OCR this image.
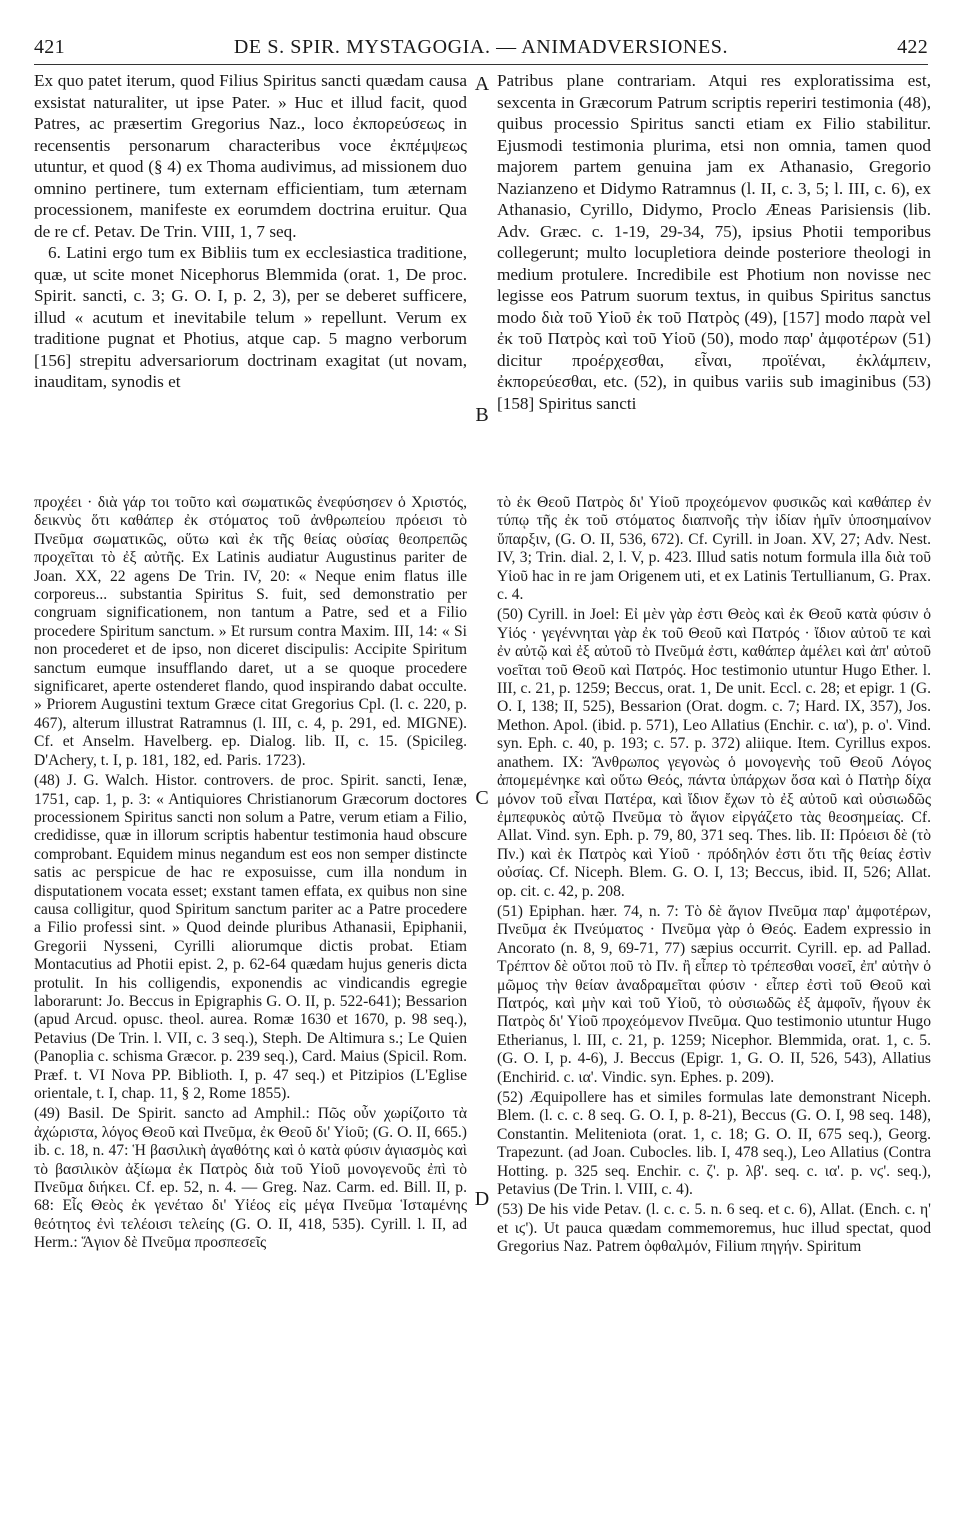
421	DE S. SPIR. MYSTAGOGIA. — ANIMADVERSIONES.	422
A
B
C
D

Ex quo patet iterum, quod Filius Spiritus sancti quædam causa exsistat naturaliter, ut ipse Pater. » Huc et illud facit, quod Patres, ac præsertim Gregorius Naz., loco ἐκπορεύσεως in recensentis personarum characteribus voce ἐκπέμψεως utuntur, et quod (§ 4) ex Thoma audivimus, ad missionem duo omnino pertinere, tum externam efficientiam, tum æternam processionem, manifeste ex eorumdem doctrina eruitur. Qua de re cf. Petav. De Trin. VIII, 1, 7 seq.

6. Latini ergo tum ex Bibliis tum ex ecclesiastica traditione, quæ, ut scite monet Nicephorus Blemmida (orat. 1, De proc. Spirit. sancti, c. 3; G. O. I, p. 2, 3), per se deberet sufficere, illud « acutum et inevitabile telum » repellunt. Verum ex traditione pugnat et Photius, atque cap. 5 magno verborum [156] strepitu adversariorum doctrinam exagitat (ut novam, inauditam, synodis et

Patribus plane contrariam. Atqui res exploratissima est, sexcenta in Græcorum Patrum scriptis reperiri testimonia (48), quibus processio Spiritus sancti etiam ex Filio stabilitur. Ejusmodi testimonia plurima, etsi non omnia, tamen quod majorem partem genuina jam ex Athanasio, Gregorio Nazianzeno et Didymo Ratramnus (l. II, c. 3, 5; l. III, c. 6), ex Athanasio, Cyrillo, Didymo, Proclo Æneas Parisiensis (lib. Adv. Græc. c. 1-19, 29-34, 75), ipsius Photii temporibus collegerunt; multo locupletiora deinde posteriore theologi in medium protulere. Incredibile est Photium non novisse nec legisse eos Patrum suorum textus, in quibus Spiritus sanctus modo διὰ τοῦ Υἱοῦ ἐκ τοῦ Πατρὸς (49), [157] modo παρὰ vel ἐκ τοῦ Πατρὸς καὶ τοῦ Υἱοῦ (50), modo παρ' ἀμφοτέρων (51) dicitur προέρχεσθαι, εἶναι, προϊέναι, ἐκλάμπειν, ἐκπορεύεσθαι, etc. (52), in quibus variis sub imaginibus (53) [158] Spiritus sancti

προχέει · διὰ γάρ τοι τοῦτο καὶ σωματικῶς ἐνεφύσησεν ὁ Χριστός, δεικνὺς ὅτι καθάπερ ἐκ στόματος τοῦ ἀνθρωπείου πρόεισι τὸ Πνεῦμα σωματικῶς, οὕτω καὶ ἐκ τῆς θείας οὐσίας θεοπρεπῶς προχεῖται τὸ ἐξ αὐτῆς. Ex Latinis audiatur Augustinus pariter de Joan. XX, 22 agens De Trin. IV, 20: « Neque enim flatus ille corporeus... substantia Spiritus S. fuit, sed demonstratio per congruam significationem, non tantum a Patre, sed et a Filio procedere Spiritum sanctum. » Et rursum contra Maxim. III, 14: « Si non procederet et de ipso, non diceret discipulis: Accipite Spiritum sanctum eumque insufflando daret, ut a se quoque procedere significaret, aperte ostenderet flando, quod inspirando dabat occulte. » Priorem Augustini textum Græce citat Gregorius Cpl. (l. c. 220, p. 467), alterum illustrat Ratramnus (l. III, c. 4, p. 291, ed. MIGNE). Cf. et Anselm. Havelberg. ep. Dialog. lib. II, c. 15. (Spicileg. D'Achery, t. I, p. 181, 182, ed. Paris. 1723).

(48) J. G. Walch. Histor. controvers. de proc. Spirit. sancti, Ienæ, 1751, cap. 1, p. 3: « Antiquiores Christianorum Græcorum doctores processionem Spiritus sancti non solum a Patre, verum etiam a Filio, credidisse, quæ in illorum scriptis habentur testimonia haud obscure comprobant. Equidem minus negandum est eos non semper distincte satis ac perspicue de hac re exposuisse, cum illa nondum in disputationem vocata esset; exstant tamen effata, ex quibus non sine causa colligitur, quod Spiritum sanctum pariter ac a Patre procedere a Filio professi sint. » Quod deinde pluribus Athanasii, Epiphanii, Gregorii Nysseni, Cyrilli aliorumque dictis probat. Etiam Montacutius ad Photii epist. 2, p. 62-64 quædam hujus generis dicta protulit. In his colligendis, exponendis ac vindicandis egregie laborarunt: Jo. Beccus in Epigraphis G. O. II, p. 522-641); Bessarion (apud Arcud. opusc. theol. aurea. Romæ 1630 et 1670, p. 98 seq.), Petavius (De Trin. l. VII, c. 3 seq.), Steph. De Altimura s.; Le Quien (Panoplia c. schisma Græcor. p. 239 seq.), Card. Maius (Spicil. Rom. Præf. t. VI Nova PP. Biblioth. I, p. 47 seq.) et Pitzipios (L'Eglise orientale, t. I, chap. 11, § 2, Rome 1855).

(49) Basil. De Spirit. sancto ad Amphil.: Πῶς οὖν χωρίζοιτο τὰ ἀχώριστα, λόγος Θεοῦ καὶ Πνεῦμα, ἐκ Θεοῦ δι' Υἱοῦ; (G. O. II, 665.) ib. c. 18, n. 47: Ἡ βασιλικὴ ἀγαθότης καὶ ὁ κατὰ φύσιν ἁγιασμὸς καὶ τὸ βασιλικὸν ἀξίωμα ἐκ Πατρὸς διὰ τοῦ Υἱοῦ μονογενοῦς ἐπὶ τὸ Πνεῦμα διήκει. Cf. ep. 52, n. 4. — Greg. Naz. Carm. ed. Bill. II, p. 68: Εἷς Θεὸς ἐκ γενέταο δι' Υἱέος εἰς μέγα Πνεῦμα Ἱσταμένης θεότητος ἐνὶ τελέοισι τελείης (G. O. II, 418, 535). Cyrill. l. II, ad Herm.: Ἅγιον δὲ Πνεῦμα προσπεσεῖς

τὸ ἐκ Θεοῦ Πατρὸς δι' Υἱοῦ προχεόμενον φυσικῶς καὶ καθάπερ ἐν τύπῳ τῆς ἐκ τοῦ στόματος διαπνοῆς τὴν ἰδίαν ἡμῖν ὑποσημαίνον ὕπαρξιν, (G. O. II, 536, 672). Cf. Cyrill. in Joan. XV, 27; Adv. Nest. IV, 3; Trin. dial. 2, l. V, p. 423. Illud satis notum formula illa διὰ τοῦ Υἱοῦ hac in re jam Origenem uti, et ex Latinis Tertullianum, G. Prax. c. 4.

(50) Cyrill. in Joel: Εἰ μὲν γὰρ ἐστι Θεὸς καὶ ἐκ Θεοῦ κατὰ φύσιν ὁ Υἱός · γεγέννηται γὰρ ἐκ τοῦ Θεοῦ καὶ Πατρός · ἴδιον αὐτοῦ τε καὶ ἐν αὐτῷ καὶ ἐξ αὐτοῦ τὸ Πνεῦμά ἐστι, καθάπερ ἀμέλει καὶ ἀπ' αὐτοῦ νοεῖται τοῦ Θεοῦ καὶ Πατρός. Hoc testimonio utuntur Hugo Ether. l. III, c. 21, p. 1259; Beccus, orat. 1, De unit. Eccl. c. 28; et epigr. 1 (G. O. I, 138; II, 525), Bessarion (Orat. dogm. c. 7; Hard. IX, 357), Jos. Methon. Apol. (ibid. p. 571), Leo Allatius (Enchir. c. ια'), p. ο'. Vind. syn. Eph. c. 40, p. 193; c. 57. p. 372) aliique. Item. Cyrillus expos. anathem. IX: Ἄνθρωπος γεγονὼς ὁ μονογενὴς τοῦ Θεοῦ Λόγος ἀπομεμένηκε καὶ οὕτω Θεός, πάντα ὑπάρχων ὅσα καὶ ὁ Πατὴρ δίχα μόνον τοῦ εἶναι Πατέρα, καὶ ἴδιον ἔχων τὸ ἐξ αὐτοῦ καὶ οὐσιωδῶς ἐμπεφυκὸς αὐτῷ Πνεῦμα τὸ ἅγιον εἰργάζετο τὰς θεοσημείας. Cf. Allat. Vind. syn. Eph. p. 79, 80, 371 seq. Thes. lib. II: Πρόεισι δὲ (τὸ Πν.) καὶ ἐκ Πατρὸς καὶ Υἱοῦ · πρόδηλόν ἐστι ὅτι τῆς θείας ἐστὶν οὐσίας. Cf. Niceph. Blem. G. O. I, 13; Beccus, ibid. II, 526; Allat. op. cit. c. 42, p. 208.

(51) Epiphan. hær. 74, n. 7: Τὸ δὲ ἅγιον Πνεῦμα παρ' ἀμφοτέρων, Πνεῦμα ἐκ Πνεύματος · Πνεῦμα γὰρ ὁ Θεός. Eadem expressio in Ancorato (n. 8, 9, 69-71, 77) sæpius occurrit. Cyrill. ep. ad Pallad. Τρέπτον δὲ οὔτοι ποῦ τὸ Πν. ἢ εἶπερ τὸ τρέπεσθαι νοσεῖ, ἐπ' αὐτὴν ὁ μῶμος τὴν θείαν ἀναδραμεῖται φύσιν · εἶπερ ἐστὶ τοῦ Θεοῦ καὶ Πατρός, καὶ μὴν καὶ τοῦ Υἱοῦ, τὸ οὐσιωδῶς ἐξ ἀμφοῖν, ἤγουν ἐκ Πατρὸς δι' Υἱοῦ προχεόμενον Πνεῦμα. Quo testimonio utuntur Hugo Etherianus, l. III, c. 21, p. 1259; Nicephor. Blemmida, orat. 1, c. 5. (G. O. I, p. 4-6), J. Beccus (Epigr. 1, G. O. II, 526, 543), Allatius (Enchirid. c. ια'. Vindic. syn. Ephes. p. 209).

(52) Æquipollere has et similes formulas late demonstrant Niceph. Blem. (l. c. c. 8 seq. G. O. I, p. 8-21), Beccus (G. O. I, 98 seq. 148), Constantin. Meliteniota (orat. 1, c. 18; G. O. II, 675 seq.), Georg. Trapezunt. (ad Joan. Cubocles. lib. I, 478 seq.), Leo Allatius (Contra Hotting. p. 325 seq. Enchir. c. ζ'. p. λβ'. seq. c. ια'. p. νϛ'. seq.), Petavius (De Trin. l. VIII, c. 4).

(53) De his vide Petav. (l. c. c. 5. n. 6 seq. et c. 6), Allat. (Ench. c. η' et ιϛ'). Ut pauca quædam commemoremus, huc illud spectat, quod Gregorius Naz. Patrem ὀφθαλμόν, Filium πηγήν. Spiritum
